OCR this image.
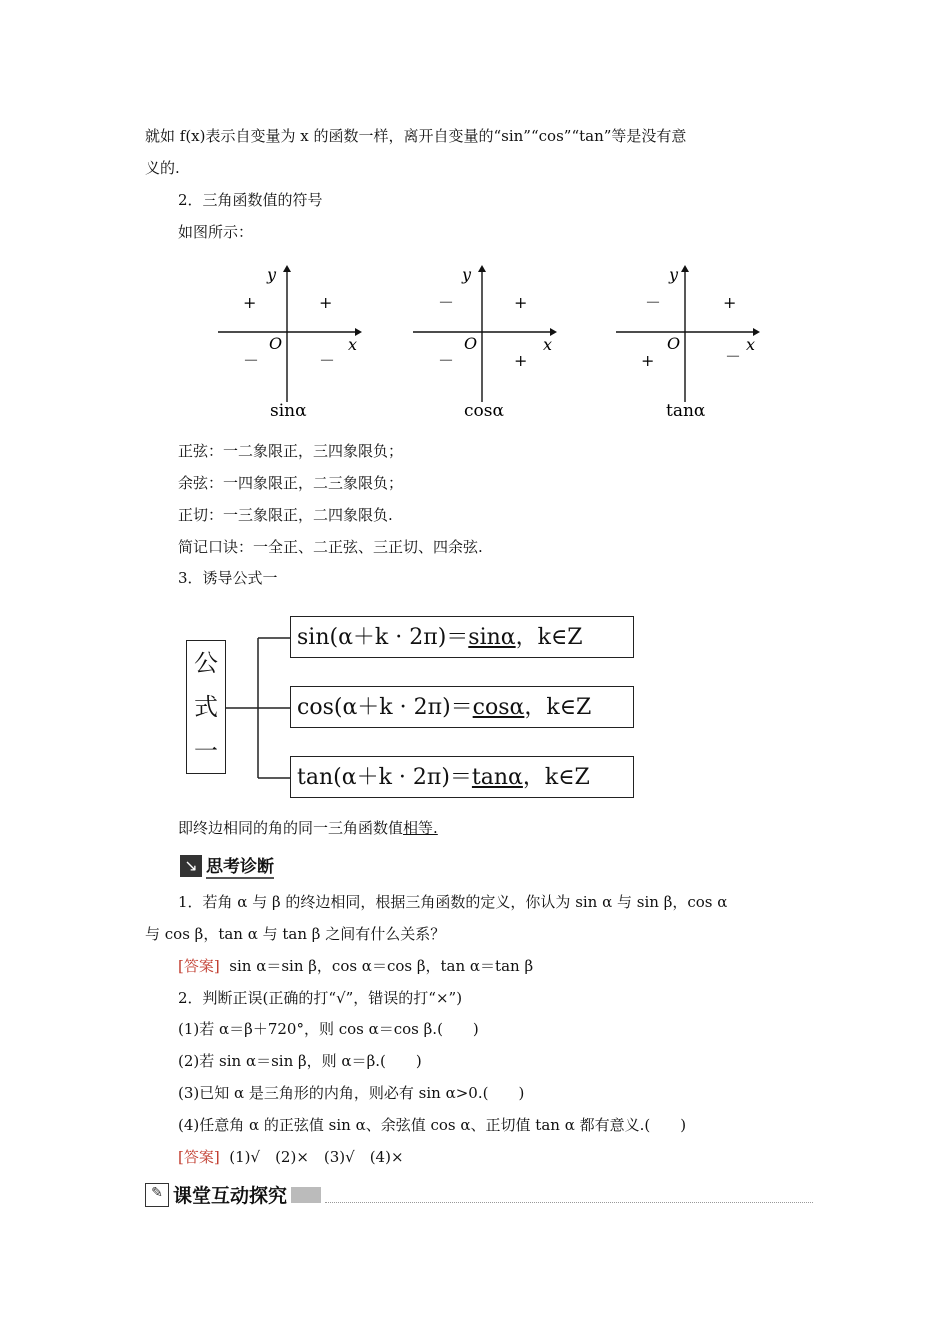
就如 f(x)表示自变量为 x 的函数一样，离开自变量的“sin”“cos”“tan”等是没有意
义的.
2．三角函数值的符号
如图所示：
y
x
O
+
+
－	－
sinα
y
x
O
+
－
－	+
cosα
y
x
O
+
－
+	－
tanα
正弦：一二象限正，三四象限负；
余弦：一四象限正，二三象限负；
正切：一三象限正，二四象限负.
简记口诀：一全正、二正弦、三正切、四余弦.
3．诱导公式一
公
式
一
sin(α＋k · 2π)＝sinα，k∈Z
cos(α＋k · 2π)＝cosα，k∈Z
tan(α＋k · 2π)＝tanα，k∈Z
即终边相同的角的同一三角函数值相等.
↘ 思考诊断
1．若角 α 与 β 的终边相同，根据三角函数的定义，你认为 sin α 与 sin β，cos α
与 cos β，tan α 与 tan β 之间有什么关系？
[答案] sin α＝sin β，cos α＝cos β，tan α＝tan β
2．判断正误(正确的打“√”，错误的打“×”)
(1)若 α＝β＋720°，则 cos α＝cos β.(　　)
(2)若 sin α＝sin β，则 α＝β.(　　)
(3)已知 α 是三角形的内角，则必有 sin α>0.(　　)
(4)任意角 α 的正弦值 sin α、余弦值 cos α、正切值 tan α 都有意义.(　　)
[答案] (1)√　(2)×　(3)√　(4)×
✎ 课堂互动探究
